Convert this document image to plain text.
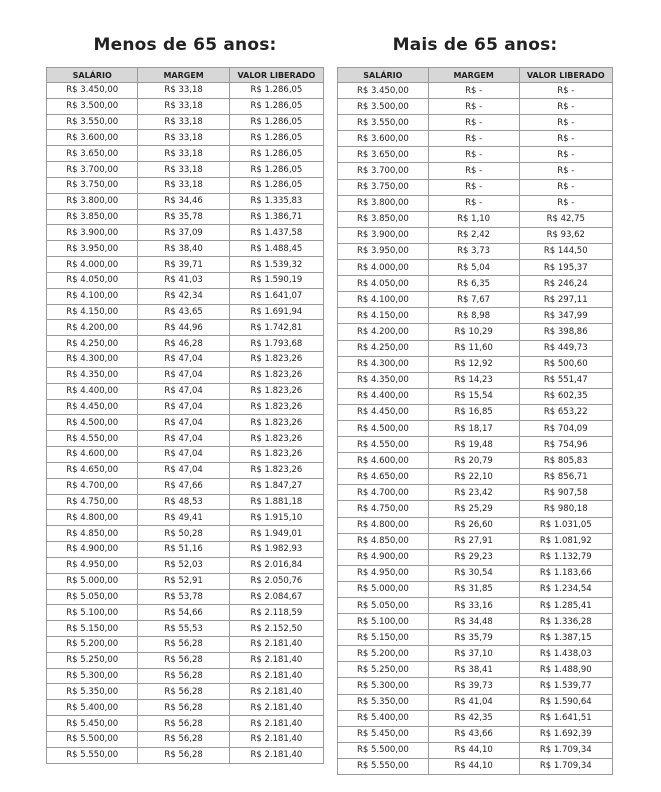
Menos de 65 anos:
SALÁRIO	MARGEM	VALOR LIBERADO
R$ 3.450,00	R$ 33,18	R$ 1.286,05
R$ 3.500,00	R$ 33,18	R$ 1.286,05
R$ 3.550,00	R$ 33,18	R$ 1.286,05
R$ 3.600,00	R$ 33,18	R$ 1.286,05
R$ 3.650,00	R$ 33,18	R$ 1.286,05
R$ 3.700,00	R$ 33,18	R$ 1.286,05
R$ 3.750,00	R$ 33,18	R$ 1.286,05
R$ 3.800,00	R$ 34,46	R$ 1.335,83
R$ 3.850,00	R$ 35,78	R$ 1.386,71
R$ 3.900,00	R$ 37,09	R$ 1.437,58
R$ 3.950,00	R$ 38,40	R$ 1.488,45
R$ 4.000,00	R$ 39,71	R$ 1.539,32
R$ 4.050,00	R$ 41,03	R$ 1.590,19
R$ 4.100,00	R$ 42,34	R$ 1.641,07
R$ 4.150,00	R$ 43,65	R$ 1.691,94
R$ 4.200,00	R$ 44,96	R$ 1.742,81
R$ 4.250,00	R$ 46,28	R$ 1.793,68
R$ 4.300,00	R$ 47,04	R$ 1.823,26
R$ 4.350,00	R$ 47,04	R$ 1.823,26
R$ 4.400,00	R$ 47,04	R$ 1.823,26
R$ 4.450,00	R$ 47,04	R$ 1.823,26
R$ 4.500,00	R$ 47,04	R$ 1.823,26
R$ 4.550,00	R$ 47,04	R$ 1.823,26
R$ 4.600,00	R$ 47,04	R$ 1.823,26
R$ 4.650,00	R$ 47,04	R$ 1.823,26
R$ 4.700,00	R$ 47,66	R$ 1.847,27
R$ 4.750,00	R$ 48,53	R$ 1.881,18
R$ 4.800,00	R$ 49,41	R$ 1.915,10
R$ 4.850,00	R$ 50,28	R$ 1.949,01
R$ 4.900,00	R$ 51,16	R$ 1.982,93
R$ 4.950,00	R$ 52,03	R$ 2.016,84
R$ 5.000,00	R$ 52,91	R$ 2.050,76
R$ 5.050,00	R$ 53,78	R$ 2.084,67
R$ 5.100,00	R$ 54,66	R$ 2.118,59
R$ 5.150,00	R$ 55,53	R$ 2.152,50
R$ 5.200,00	R$ 56,28	R$ 2.181,40
R$ 5.250,00	R$ 56,28	R$ 2.181,40
R$ 5.300,00	R$ 56,28	R$ 2.181,40
R$ 5.350,00	R$ 56,28	R$ 2.181,40
R$ 5.400,00	R$ 56,28	R$ 2.181,40
R$ 5.450,00	R$ 56,28	R$ 2.181,40
R$ 5.500,00	R$ 56,28	R$ 2.181,40
R$ 5.550,00	R$ 56,28	R$ 2.181,40
Mais de 65 anos:
SALÁRIO	MARGEM	VALOR LIBERADO
R$ 3.450,00	R$ -	R$ -
R$ 3.500,00	R$ -	R$ -
R$ 3.550,00	R$ -	R$ -
R$ 3.600,00	R$ -	R$ -
R$ 3.650,00	R$ -	R$ -
R$ 3.700,00	R$ -	R$ -
R$ 3.750,00	R$ -	R$ -
R$ 3.800,00	R$ -	R$ -
R$ 3.850,00	R$ 1,10	R$ 42,75
R$ 3.900,00	R$ 2,42	R$ 93,62
R$ 3.950,00	R$ 3,73	R$ 144,50
R$ 4.000,00	R$ 5,04	R$ 195,37
R$ 4.050,00	R$ 6,35	R$ 246,24
R$ 4.100,00	R$ 7,67	R$ 297,11
R$ 4.150,00	R$ 8,98	R$ 347,99
R$ 4.200,00	R$ 10,29	R$ 398,86
R$ 4.250,00	R$ 11,60	R$ 449,73
R$ 4.300,00	R$ 12,92	R$ 500,60
R$ 4.350,00	R$ 14,23	R$ 551,47
R$ 4.400,00	R$ 15,54	R$ 602,35
R$ 4.450,00	R$ 16,85	R$ 653,22
R$ 4.500,00	R$ 18,17	R$ 704,09
R$ 4.550,00	R$ 19,48	R$ 754,96
R$ 4.600,00	R$ 20,79	R$ 805,83
R$ 4.650,00	R$ 22,10	R$ 856,71
R$ 4.700,00	R$ 23,42	R$ 907,58
R$ 4.750,00	R$ 25,29	R$ 980,18
R$ 4.800,00	R$ 26,60	R$ 1.031,05
R$ 4.850,00	R$ 27,91	R$ 1.081,92
R$ 4.900,00	R$ 29,23	R$ 1.132,79
R$ 4.950,00	R$ 30,54	R$ 1.183,66
R$ 5.000,00	R$ 31,85	R$ 1.234,54
R$ 5.050,00	R$ 33,16	R$ 1.285,41
R$ 5.100,00	R$ 34,48	R$ 1.336,28
R$ 5.150,00	R$ 35,79	R$ 1.387,15
R$ 5.200,00	R$ 37,10	R$ 1.438,03
R$ 5.250,00	R$ 38,41	R$ 1.488,90
R$ 5.300,00	R$ 39,73	R$ 1.539,77
R$ 5.350,00	R$ 41,04	R$ 1.590,64
R$ 5.400,00	R$ 42,35	R$ 1.641,51
R$ 5.450,00	R$ 43,66	R$ 1.692,39
R$ 5.500,00	R$ 44,10	R$ 1.709,34
R$ 5.550,00	R$ 44,10	R$ 1.709,34
